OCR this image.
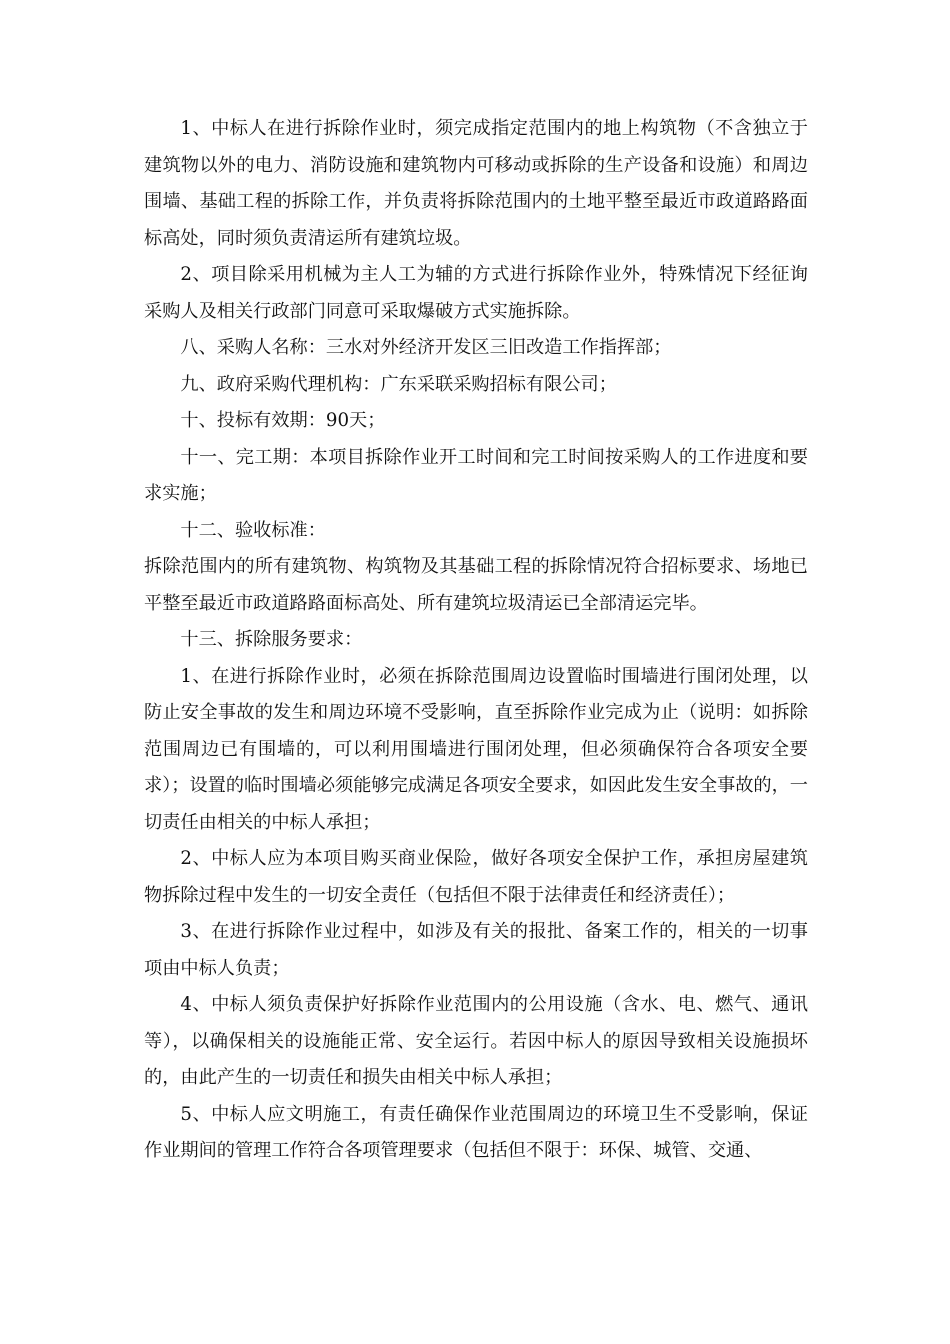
1、中标人在进行拆除作业时，须完成指定范围内的地上构筑物（不含独立于建筑物以外的电力、消防设施和建筑物内可移动或拆除的生产设备和设施）和周边围墙、基础工程的拆除工作，并负责将拆除范围内的土地平整至最近市政道路路面标高处，同时须负责清运所有建筑垃圾。

2、项目除采用机械为主人工为辅的方式进行拆除作业外，特殊情况下经征询采购人及相关行政部门同意可采取爆破方式实施拆除。

八、采购人名称：三水对外经济开发区三旧改造工作指挥部；

九、政府采购代理机构：广东采联采购招标有限公司；

十、投标有效期：90天；

十一、完工期：本项目拆除作业开工时间和完工时间按采购人的工作进度和要求实施；

十二、验收标准：

拆除范围内的所有建筑物、构筑物及其基础工程的拆除情况符合招标要求、场地已平整至最近市政道路路面标高处、所有建筑垃圾清运已全部清运完毕。

十三、拆除服务要求：

1、在进行拆除作业时，必须在拆除范围周边设置临时围墙进行围闭处理，以防止安全事故的发生和周边环境不受影响，直至拆除作业完成为止（说明：如拆除范围周边已有围墙的，可以利用围墙进行围闭处理，但必须确保符合各项安全要求）；设置的临时围墙必须能够完成满足各项安全要求，如因此发生安全事故的，一切责任由相关的中标人承担；

2、中标人应为本项目购买商业保险，做好各项安全保护工作，承担房屋建筑物拆除过程中发生的一切安全责任（包括但不限于法律责任和经济责任）；

3、在进行拆除作业过程中，如涉及有关的报批、备案工作的，相关的一切事项由中标人负责；

4、中标人须负责保护好拆除作业范围内的公用设施（含水、电、燃气、通讯等），以确保相关的设施能正常、安全运行。若因中标人的原因导致相关设施损坏的，由此产生的一切责任和损失由相关中标人承担；

5、中标人应文明施工，有责任确保作业范围周边的环境卫生不受影响，保证作业期间的管理工作符合各项管理要求（包括但不限于：环保、城管、交通、
